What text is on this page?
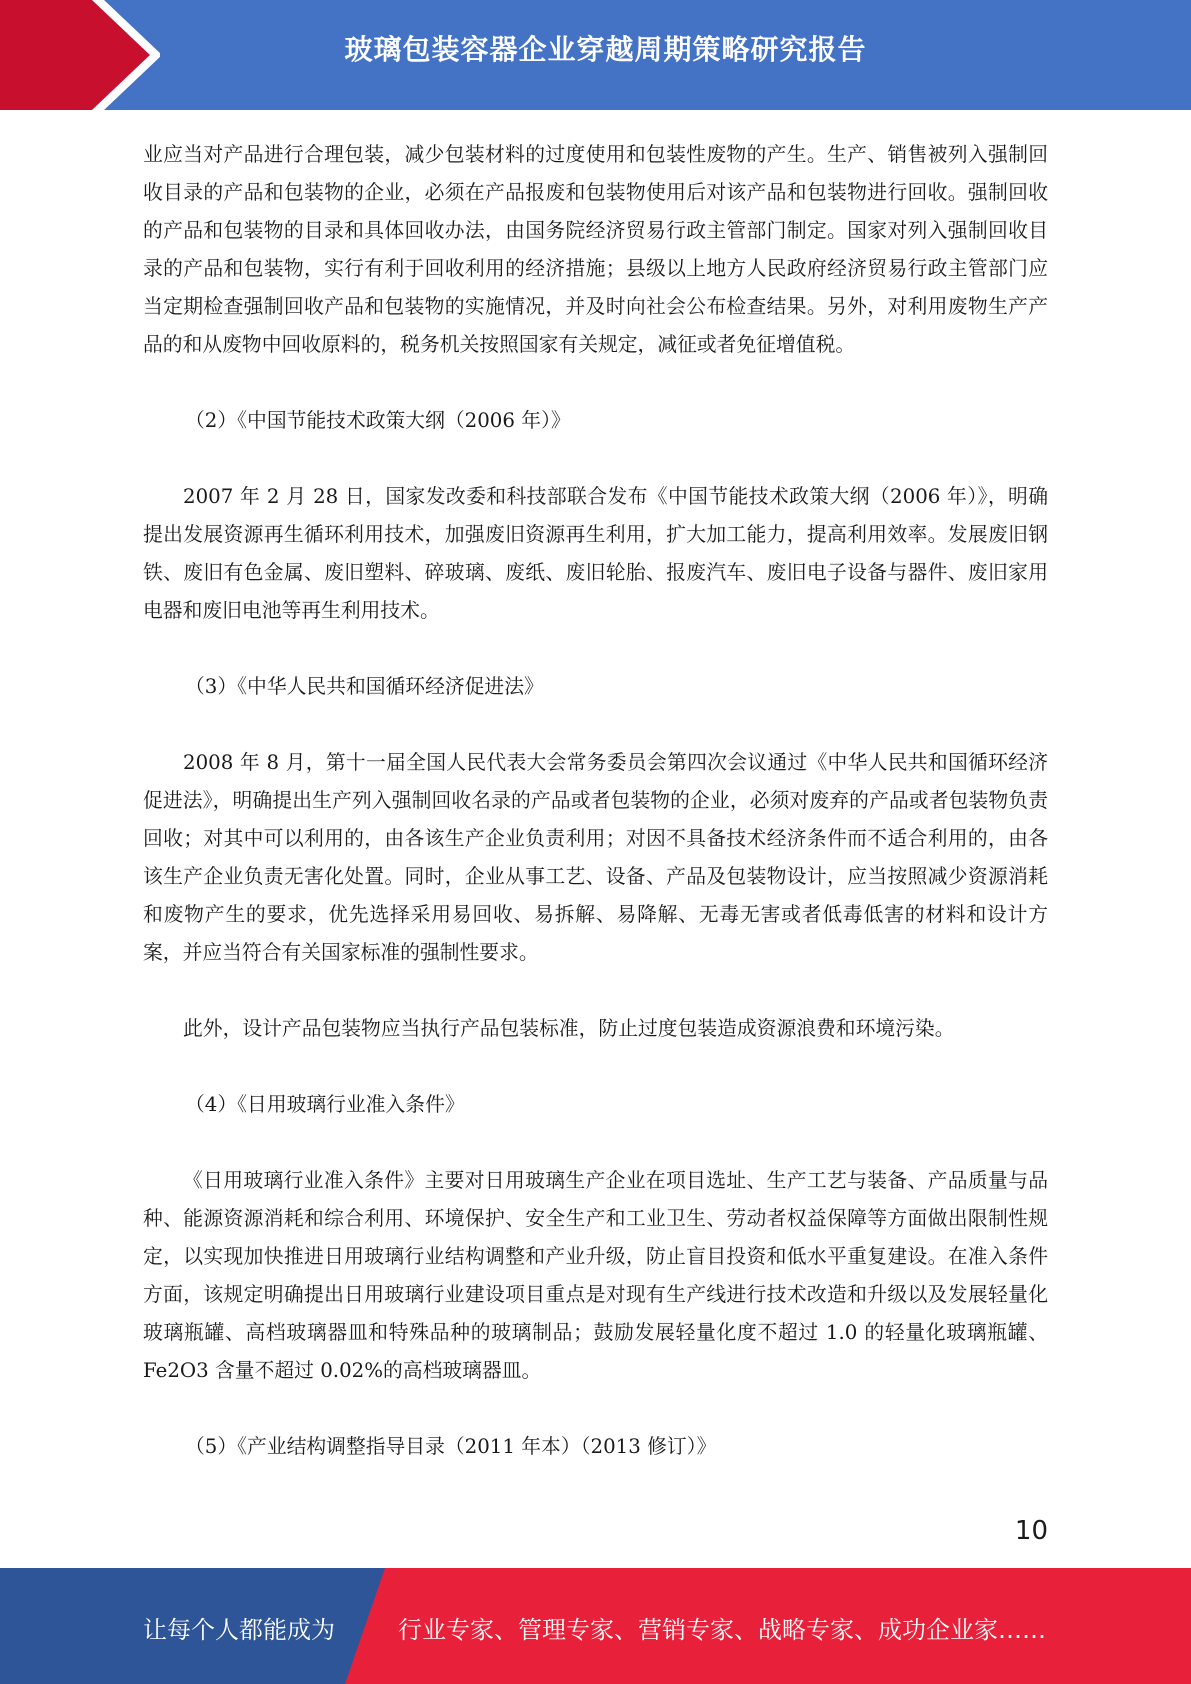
玻璃包装容器企业穿越周期策略研究报告

业应当对产品进行合理包装，减少包装材料的过度使用和包装性废物的产生。生产、销售被列入强制回收目录的产品和包装物的企业，必须在产品报废和包装物使用后对该产品和包装物进行回收。强制回收的产品和包装物的目录和具体回收办法，由国务院经济贸易行政主管部门制定。国家对列入强制回收目录的产品和包装物，实行有利于回收利用的经济措施；县级以上地方人民政府经济贸易行政主管部门应当定期检查强制回收产品和包装物的实施情况，并及时向社会公布检查结果。另外，对利用废物生产产品的和从废物中回收原料的，税务机关按照国家有关规定，减征或者免征增值税。

（2）《中国节能技术政策大纲（2006 年）》

2007 年 2 月 28 日，国家发改委和科技部联合发布《中国节能技术政策大纲（2006 年）》，明确提出发展资源再生循环利用技术，加强废旧资源再生利用，扩大加工能力，提高利用效率。发展废旧钢铁、废旧有色金属、废旧塑料、碎玻璃、废纸、废旧轮胎、报废汽车、废旧电子设备与器件、废旧家用电器和废旧电池等再生利用技术。

（3）《中华人民共和国循环经济促进法》

2008 年 8 月，第十一届全国人民代表大会常务委员会第四次会议通过《中华人民共和国循环经济促进法》，明确提出生产列入强制回收名录的产品或者包装物的企业，必须对废弃的产品或者包装物负责回收；对其中可以利用的，由各该生产企业负责利用；对因不具备技术经济条件而不适合利用的，由各该生产企业负责无害化处置。同时，企业从事工艺、设备、产品及包装物设计，应当按照减少资源消耗和废物产生的要求，优先选择采用易回收、易拆解、易降解、无毒无害或者低毒低害的材料和设计方案，并应当符合有关国家标准的强制性要求。

此外，设计产品包装物应当执行产品包装标准，防止过度包装造成资源浪费和环境污染。

（4）《日用玻璃行业准入条件》

《日用玻璃行业准入条件》主要对日用玻璃生产企业在项目选址、生产工艺与装备、产品质量与品种、能源资源消耗和综合利用、环境保护、安全生产和工业卫生、劳动者权益保障等方面做出限制性规定，以实现加快推进日用玻璃行业结构调整和产业升级，防止盲目投资和低水平重复建设。在准入条件方面，该规定明确提出日用玻璃行业建设项目重点是对现有生产线进行技术改造和升级以及发展轻量化玻璃瓶罐、高档玻璃器皿和特殊品种的玻璃制品；鼓励发展轻量化度不超过 1.0 的轻量化玻璃瓶罐、Fe2O3 含量不超过 0.02%的高档玻璃器皿。

（5）《产业结构调整指导目录（2011 年本）（2013 修订）》

10
让每个人都能成为	行业专家、管理专家、营销专家、战略专家、成功企业家……
